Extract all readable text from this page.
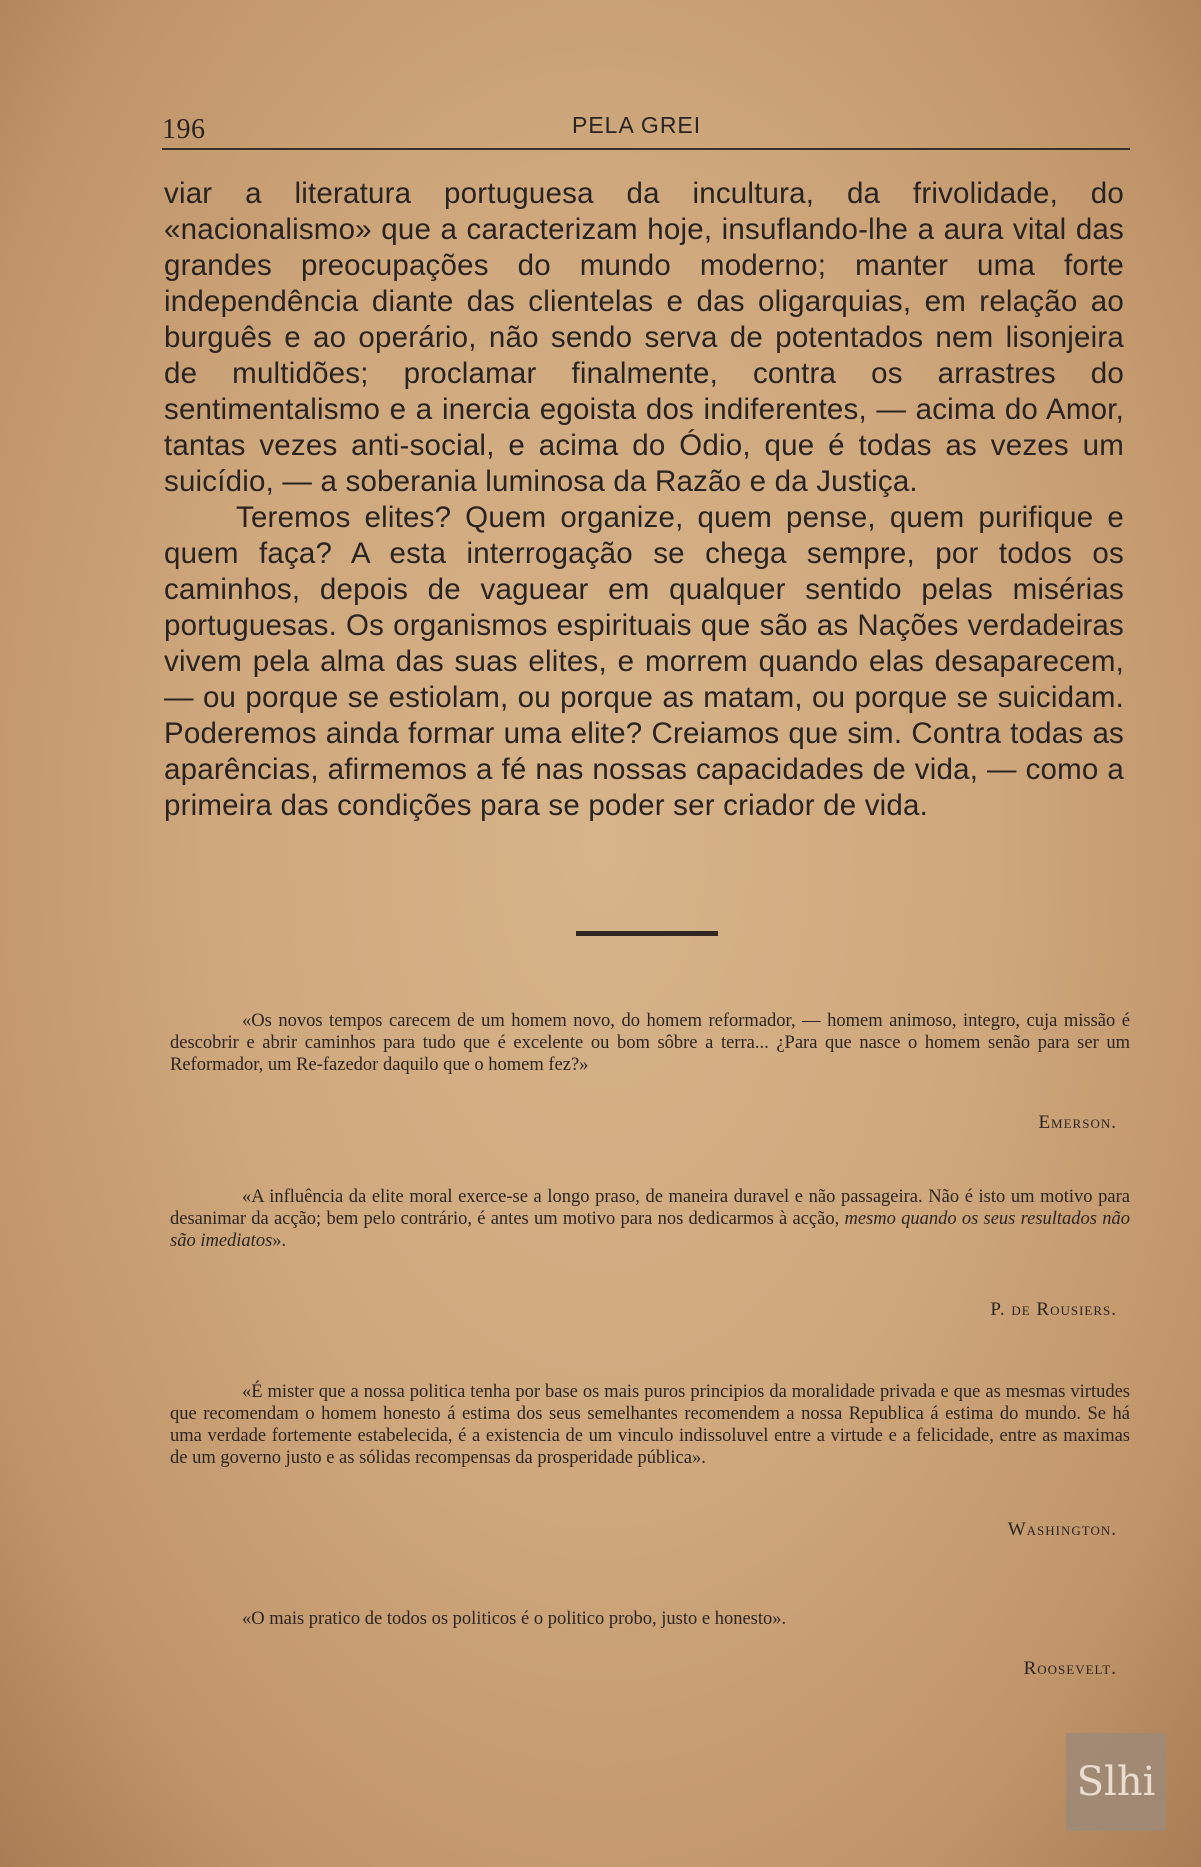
196	PELA GREI

viar a literatura portuguesa da incultura, da frivolidade, do «nacionalismo» que a caracterizam hoje, insuflando-lhe a aura vital das grandes preocupações do mundo moderno; manter uma forte independência diante das clientelas e das oligarquias, em relação ao burguês e ao operário, não sendo serva de potentados nem lisonjeira de multidões; proclamar finalmente, contra os arrastres do sentimentalismo e a inercia egoista dos indiferentes, — acima do Amor, tantas vezes anti-social, e acima do Ódio, que é todas as vezes um suicídio, — a soberania luminosa da Razão e da Justiça.

Teremos elites? Quem organize, quem pense, quem purifique e quem faça? A esta interrogação se chega sempre, por todos os caminhos, depois de vaguear em qualquer sentido pelas misérias portuguesas. Os organismos espirituais que são as Nações verdadeiras vivem pela alma das suas elites, e morrem quando elas desaparecem, — ou porque se estiolam, ou porque as matam, ou porque se suicidam. Poderemos ainda formar uma elite? Creiamos que sim. Contra todas as aparências, afirmemos a fé nas nossas capacidades de vida, — como a primeira das condições para se poder ser criador de vida.

«Os novos tempos carecem de um homem novo, do homem reformador, — homem animoso, integro, cuja missão é descobrir e abrir caminhos para tudo que é excelente ou bom sôbre a terra... ¿Para que nasce o homem senão para ser um Reformador, um Re-fazedor daquilo que o homem fez?»

Emerson.

«A influência da elite moral exerce-se a longo praso, de maneira duravel e não passageira. Não é isto um motivo para desanimar da acção; bem pelo contrário, é antes um motivo para nos dedicarmos à acção, mesmo quando os seus resultados não são imediatos».

P. de Rousiers.

«É mister que a nossa politica tenha por base os mais puros principios da moralidade privada e que as mesmas virtudes que recomendam o homem honesto á estima dos seus semelhantes recomendem a nossa Republica á estima do mundo. Se há uma verdade fortemente estabelecida, é a existencia de um vinculo indissoluvel entre a virtude e a felicidade, entre as maximas de um governo justo e as sólidas recompensas da prosperidade pública».

Washington.

«O mais pratico de todos os politicos é o politico probo, justo e honesto».

Roosevelt.
Slhi
